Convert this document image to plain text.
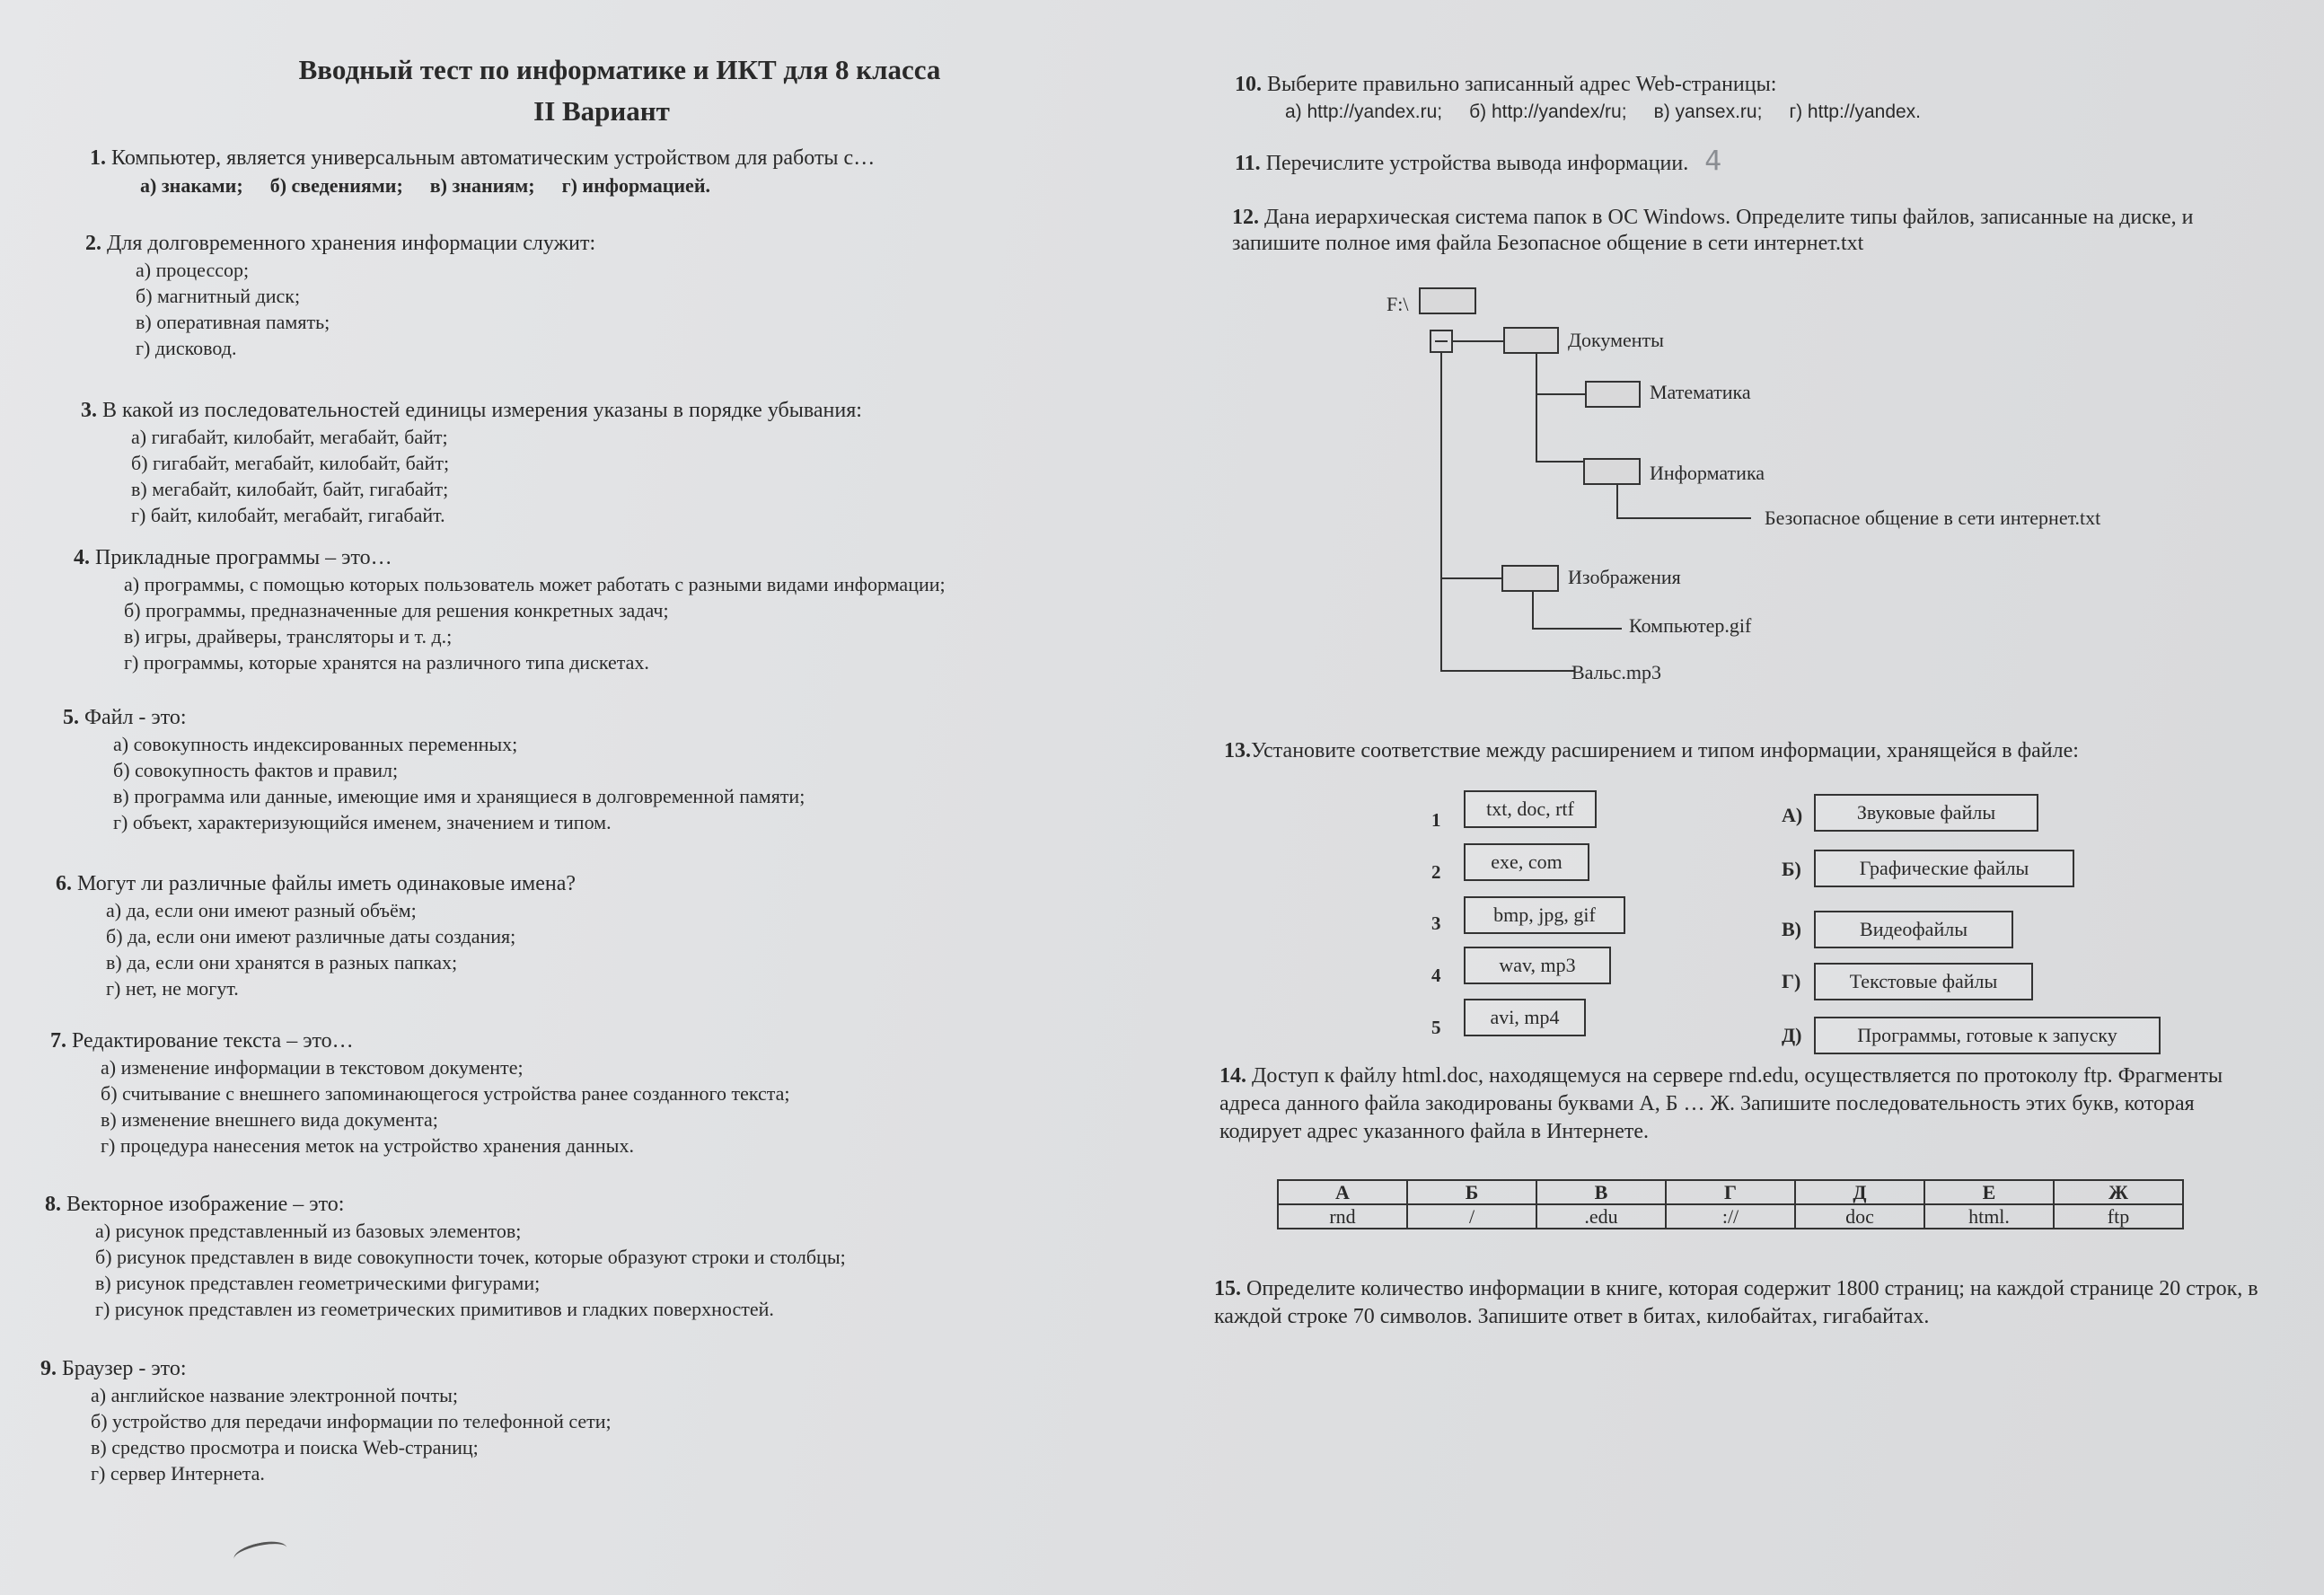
Вводный тест по информатике и ИКТ для 8 класса
II Вариант
1. Компьютер, является универсальным автоматическим устройством для работы с…
а) знаками; б) сведениями; в) знаниям; г) информацией.
2. Для долговременного хранения информации служит:
а) процессор;
б) магнитный диск;
в) оперативная память;
г) дисковод.
3. В какой из последовательностей единицы измерения указаны в порядке убывания:
а) гигабайт, килобайт, мегабайт, байт;
б) гигабайт, мегабайт, килобайт, байт;
в) мегабайт, килобайт, байт, гигабайт;
г) байт, килобайт, мегабайт, гигабайт.
4. Прикладные программы – это…
а) программы, с помощью которых пользователь может работать с разными видами информации;
б) программы, предназначенные для решения конкретных задач;
в) игры, драйверы, трансляторы и т. д.;
г) программы, которые хранятся на различного типа дискетах.
5. Файл - это:
а) совокупность индексированных переменных;
б) совокупность фактов и правил;
в) программа или данные, имеющие имя и хранящиеся в долговременной памяти;
г) объект, характеризующийся именем, значением и типом.
6. Могут ли различные файлы иметь одинаковые имена?
а) да, если они имеют разный объём;
б) да, если они имеют различные даты создания;
в) да, если они хранятся в разных папках;
г) нет, не могут.
7. Редактирование текста – это…
а) изменение информации в текстовом документе;
б) считывание с внешнего запоминающегося устройства ранее созданного текста;
в) изменение внешнего вида документа;
г) процедура нанесения меток на устройство хранения данных.
8. Векторное изображение – это:
а) рисунок представленный из базовых элементов;
б) рисунок представлен в виде совокупности точек, которые образуют строки и столбцы;
в) рисунок представлен геометрическими фигурами;
г) рисунок представлен из геометрических примитивов и гладких поверхностей.
9. Браузер - это:
а) английское название электронной почты;
б) устройство для передачи информации по телефонной сети;
в) средство просмотра и поиска Web-страниц;
г) сервер Интернета.
10. Выберите правильно записанный адрес Web-страницы:
а) http://yandex.ru; б) http://yandex/ru; в) yansex.ru; г) http://yandex.
11. Перечислите устройства вывода информации. 4
12. Дана иерархическая система папок в ОС Windows. Определите типы файлов, записанные на диске, и запишите полное имя файла Безопасное общение в сети интернет.txt
F:\
Документы
Математика
Информатика
Безопасное общение в сети интернет.txt
Изображения
Компьютер.gif
Вальс.mp3
13.Установите соответствие между расширением и типом информации, хранящейся в файле:
1	txt, doc, rtf
2	exe, com
3	bmp, jpg, gif
4	wav, mp3
5	avi, mp4
А)	Звуковые файлы
Б)	Графические файлы
В)	Видеофайлы
Г)	Текстовые файлы
Д)	Программы, готовые к запуску
14. Доступ к файлу html.doc, находящемуся на сервере rnd.edu, осуществляется по протоколу ftp. Фрагменты адреса данного файла закодированы буквами А, Б … Ж. Запишите последовательность этих букв, которая кодирует адрес указанного файла в Интернете.
А	Б	В	Г	Д	Е	Ж
rnd	/	.edu	://	doc	html.	ftp
15. Определите количество информации в книге, которая содержит 1800 страниц; на каждой странице 20 строк, в каждой строке 70 символов. Запишите ответ в битах, килобайтах, гигабайтах.
